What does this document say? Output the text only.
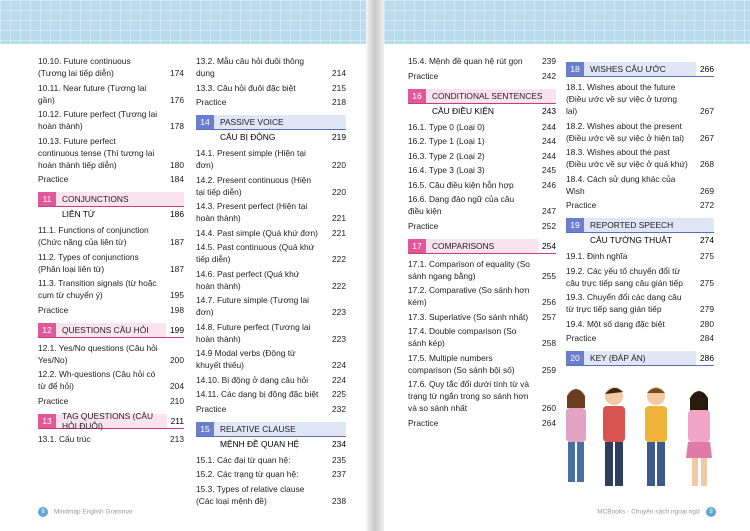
10.10. Future continuous (Tương lai tiếp diễn)	174
10.11. Near future (Tương lai gần)	176
10.12. Future perfect (Tương lai hoàn thành)	178
10.13. Future perfect continuous tense (Thì tương lai hoàn thành tiếp diễn)	180
Practice	184
11	CONJUNCTIONS
LIÊN TỪ	186
11.1. Functions of conjunction (Chức năng của liên từ)	187
11.2. Types of conjunctions (Phân loại liên từ)	187
11.3. Transition signals (từ hoặc cụm từ chuyển ý)	195
Practice	198
12	QUESTIONS CÂU HỎI	199
12.1. Yes/No questions (Câu hỏi Yes/No)	200
12.2. Wh-questions (Câu hỏi có từ để hỏi)	204
Practice	210
13	TAG QUESTIONS (CÂU HỎI ĐUÔI)	211
13.1. Cấu trúc	213
13.2. Mẫu câu hỏi đuôi thông dụng	214
13.3. Câu hỏi đuôi đặc biệt	215
Practice	218
14	PASSIVE VOICE
CÂU BỊ ĐỘNG	219
14.1. Present simple (Hiện tại đơn)	220
14.2. Present continuous (Hiện tại tiếp diễn)	220
14.3. Present perfect (Hiện tại hoàn thành)	221
14.4. Past simple (Quá khứ đơn)	221
14.5. Past continuous (Quá khứ tiếp diễn)	222
14.6. Past perfect (Quá khứ hoàn thành)	222
14.7. Future simple (Tương lai đơn)	223
14.8. Future perfect (Tương lai hoàn thành)	223
14.9 Modal verbs (Động từ khuyết thiếu)	224
14.10. Bị động ở dạng câu hỏi	224
14.11. Các dạng bị động đặc biệt	225
Practice	232
15	RELATIVE CLAUSE
MỆNH ĐỀ QUAN HỆ	234
15.1. Các đại từ quan hệ:	235
15.2. Các trạng từ quan hệ:	237
15.3. Types of relative clause (Các loại mệnh đề)	238
8 Mindmap English Grammar
15.4. Mệnh đề quan hệ rút gọn	239
Practice	242
16	CONDITIONAL SENTENCES
CÂU ĐIỀU KIỆN	243
16.1. Type 0 (Loại 0)	244
16.2. Type 1 (Loại 1)	244
16.3. Type 2 (Loại 2)	244
16.4. Type 3 (Loại 3)	245
16.5. Câu điều kiện hỗn hợp	246
16.6. Dạng đảo ngữ của câu điều kiện	247
Practice	252
17	COMPARISONS	254
17.1. Comparison of equality (So sánh ngang bằng)	255
17.2. Comparative (So sánh hơn kém)	256
17.3. Superlative (So sánh nhất)	257
17.4. Double comparison (So sánh kép)	258
17.5. Multiple numbers comparison (So sánh bội số)	259
17.6. Quy tắc đổi dưới tính từ và trạng từ ngắn trong so sánh hơn và so sánh nhất	260
Practice	264
18	WISHES CÂU ƯỚC	266
18.1. Wishes about the future (Điều ước về sự việc ở tương lai)	267
18.2. Wishes about the present (Điều ước về sự việc ở hiện tại)	267
18.3. Wishes about the past (Điều ước về sự việc ở quá khứ)	268
18.4. Cách sử dụng khác của Wish	269
Practice	272
19	REPORTED SPEECH
CÂU TƯỜNG THUẬT	274
19.1. Định nghĩa	275
19.2. Các yếu tố chuyển đổi từ câu trực tiếp sang câu gián tiếp	275
19.3. Chuyển đổi các dạng câu từ trực tiếp sang gián tiếp	279
19.4. Một số dạng đặc biệt	280
Practice	284
20	KEY (ĐÁP ÁN)	286
MCBooks - Chuyên sách ngoại ngữ 9
